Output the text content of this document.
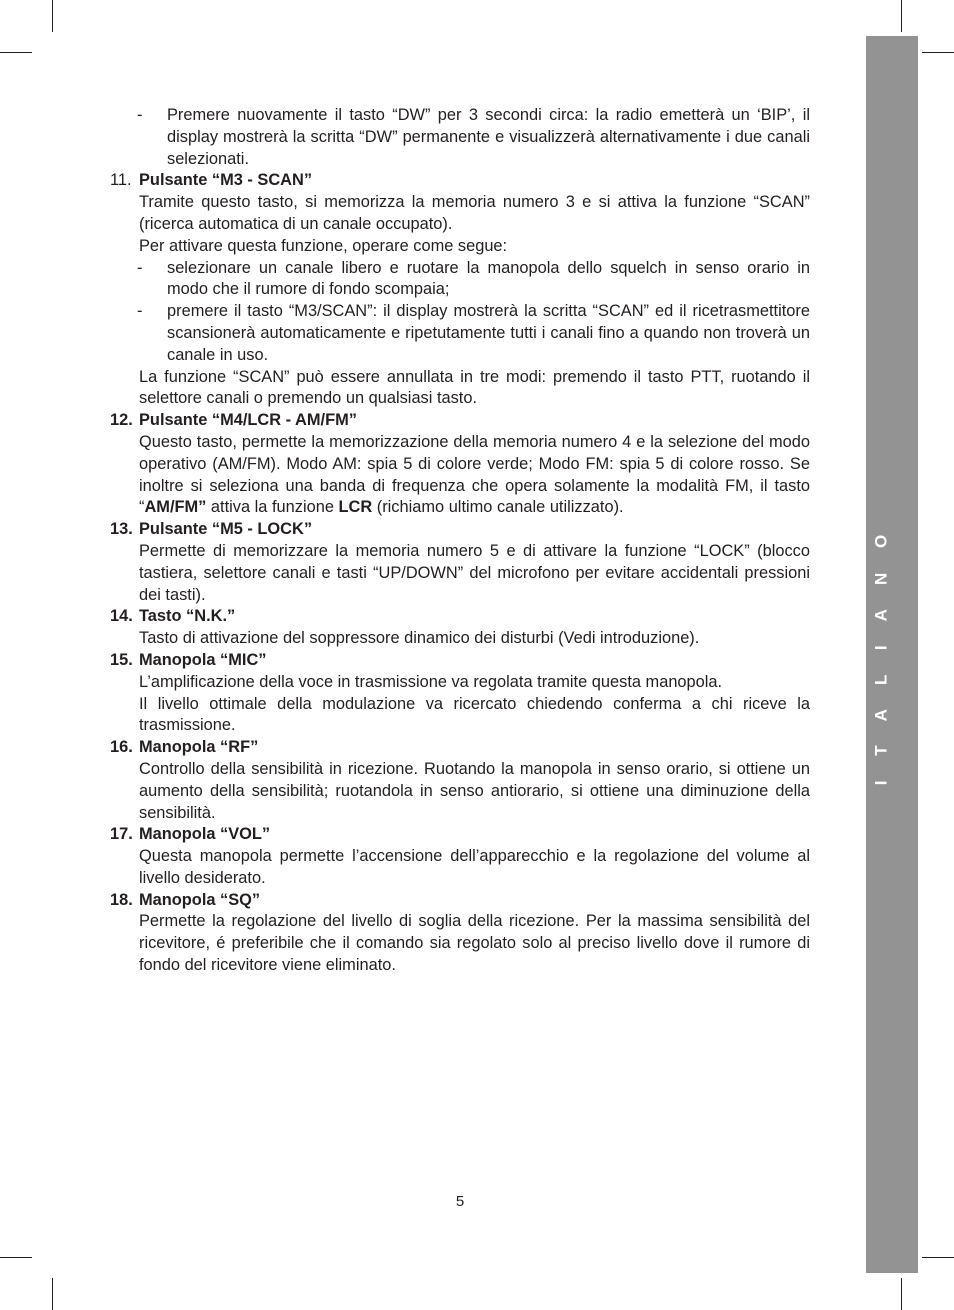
I T A L I A N O
- Premere nuovamente il tasto “DW” per 3 secondi circa: la radio emetterà un ‘BIP’, il display mostrerà la scritta “DW” permanente e visualizzerà alternativamente i due canali selezionati.
11. Pulsante “M3 - SCAN”

Tramite questo tasto, si memorizza la memoria numero 3 e si attiva la funzione “SCAN” (ricerca automatica di un canale occupato).

Per attivare questa funzione, operare come segue:

- selezionare un canale libero e ruotare la manopola dello squelch in senso orario in modo che il rumore di fondo scompaia;
- premere il tasto “M3/SCAN”: il display mostrerà la scritta “SCAN” ed il ricetrasmettitore scansionerà automaticamente e ripetutamente tutti i canali fino a quando non troverà un canale in uso.

La funzione “SCAN” può essere annullata in tre modi: premendo il tasto PTT, ruotando il selettore canali o premendo un qualsiasi tasto.

12. Pulsante “M4/LCR - AM/FM”

Questo tasto, permette la memorizzazione della memoria numero 4 e la selezione del modo operativo (AM/FM). Modo AM: spia 5 di colore verde; Modo FM: spia 5 di colore rosso. Se inoltre si seleziona una banda di frequenza che opera solamente la modalità FM, il tasto “AM/FM” attiva la funzione LCR (richiamo ultimo canale utilizzato).

13. Pulsante “M5 - LOCK”

Permette di memorizzare la memoria numero 5 e di attivare la funzione “LOCK” (blocco tastiera, selettore canali e tasti “UP/DOWN” del microfono per evitare accidentali pressioni dei tasti).

14. Tasto “N.K.”

Tasto di attivazione del soppressore dinamico dei disturbi (Vedi introduzione).

15. Manopola “MIC”

L’amplificazione della voce in trasmissione va regolata tramite questa manopola.

Il livello ottimale della modulazione va ricercato chiedendo conferma a chi riceve la trasmissione.

16. Manopola “RF”

Controllo della sensibilità in ricezione. Ruotando la manopola in senso orario, si ottiene un aumento della sensibilità; ruotandola in senso antiorario, si ottiene una diminuzione della sensibilità.

17. Manopola “VOL”

Questa manopola permette l’accensione dell’apparecchio e la regolazione del volume al livello desiderato.

18. Manopola “SQ”

Permette la regolazione del livello di soglia della ricezione. Per la massima sensibilità del ricevitore, é preferibile che il comando sia regolato solo al preciso livello dove il rumore di fondo del ricevitore viene eliminato.

5
